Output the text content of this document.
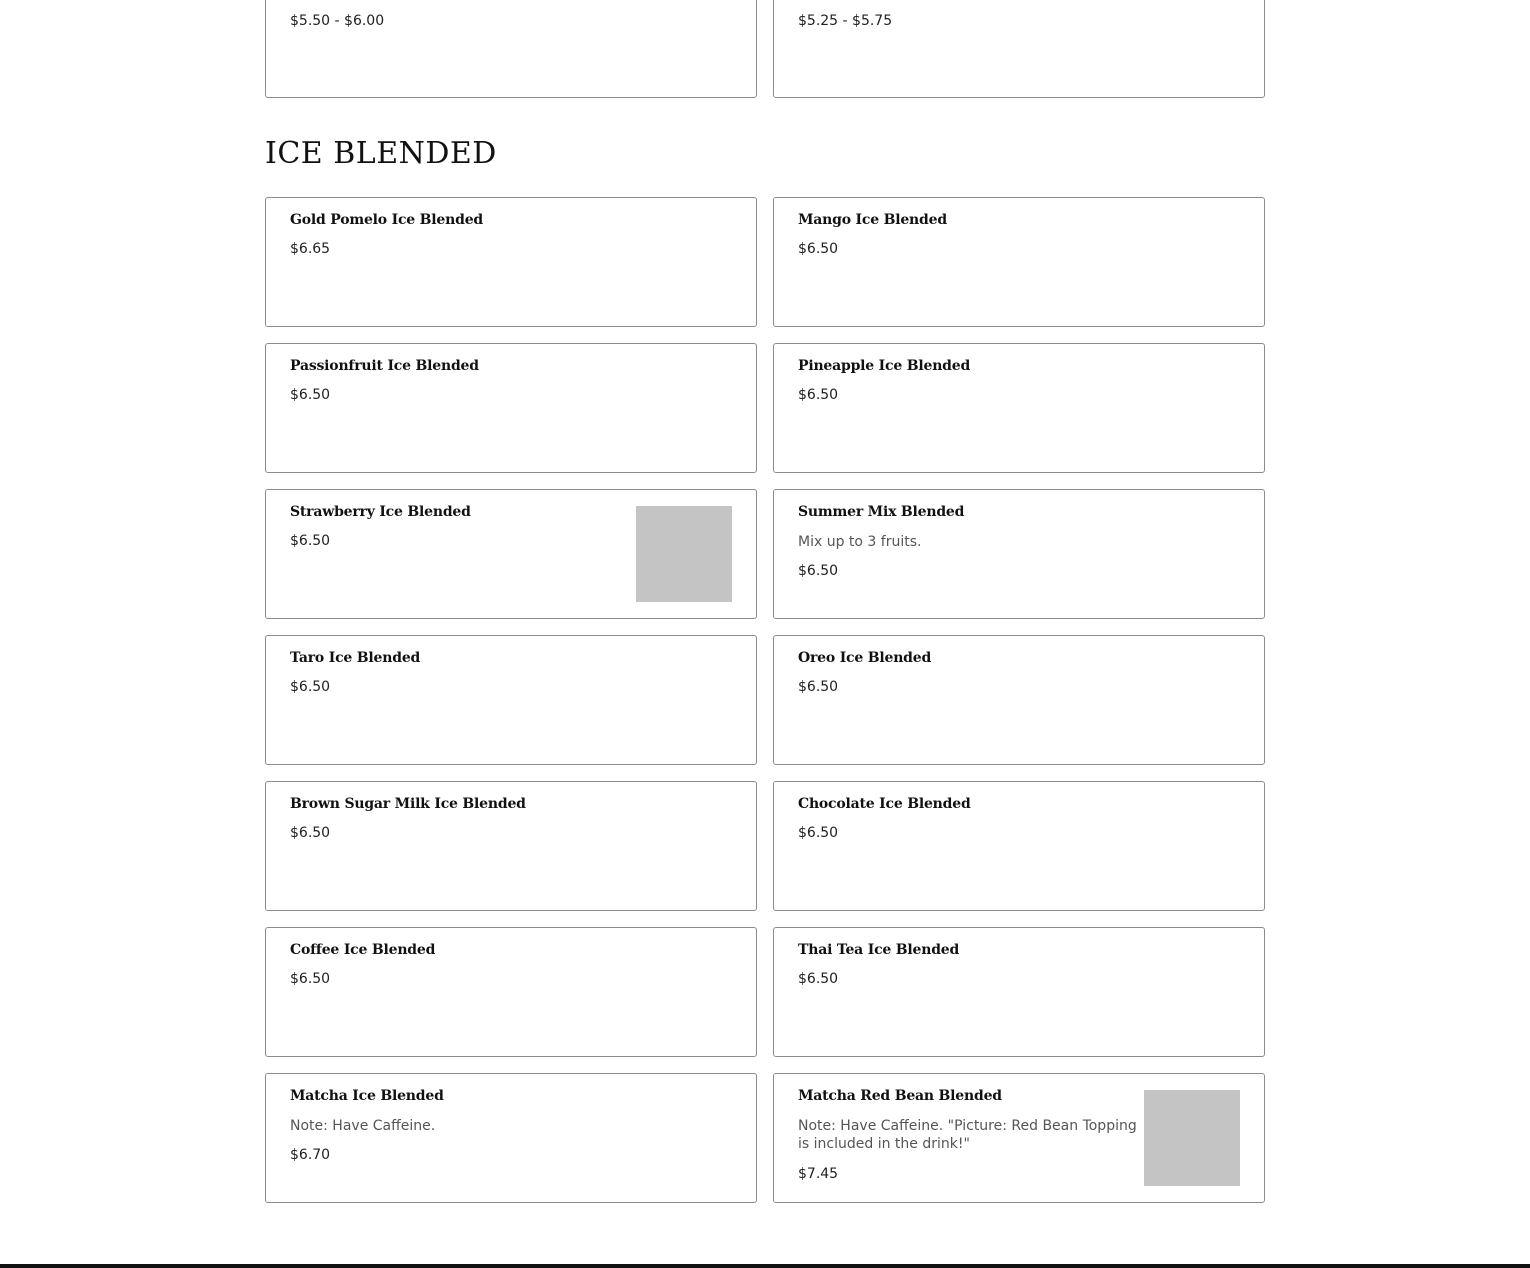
$5.50 - $6.00	$5.25 - $5.75
ICE BLENDED
Gold Pomelo Ice Blended
$6.65
Mango Ice Blended
$6.50
Passionfruit Ice Blended
$6.50
Pineapple Ice Blended
$6.50
Strawberry Ice Blended
$6.50
Summer Mix Blended
Mix up to 3 fruits.
$6.50
Taro Ice Blended
$6.50
Oreo Ice Blended
$6.50
Brown Sugar Milk Ice Blended
$6.50
Chocolate Ice Blended
$6.50
Coffee Ice Blended
$6.50
Thai Tea Ice Blended
$6.50
Matcha Ice Blended
Note: Have Caffeine.
$6.70
Matcha Red Bean Blended
Note: Have Caffeine. "Picture: Red Bean Topping is included in the drink!"
$7.45
